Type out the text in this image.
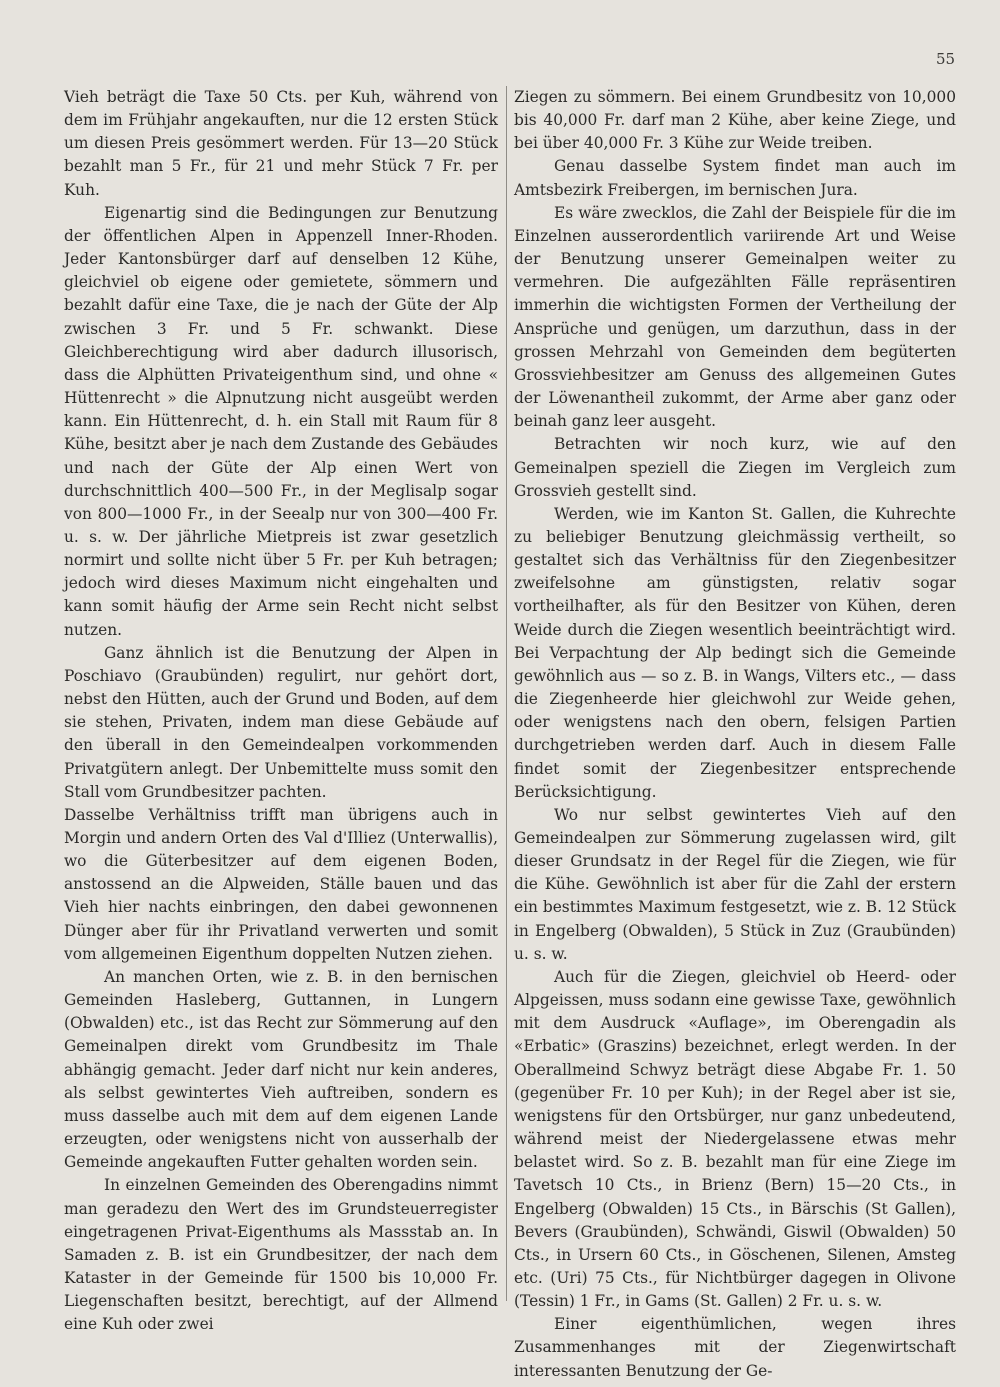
55

Vieh beträgt die Taxe 50 Cts. per Kuh, während von dem im Frühjahr angekauften, nur die 12 ersten Stück um diesen Preis gesömmert werden. Für 13—20 Stück bezahlt man 5 Fr., für 21 und mehr Stück 7 Fr. per Kuh.

Eigenartig sind die Bedingungen zur Benutzung der öffentlichen Alpen in Appenzell Inner-Rhoden. Jeder Kantonsbürger darf auf denselben 12 Kühe, gleichviel ob eigene oder gemietete, sömmern und bezahlt dafür eine Taxe, die je nach der Güte der Alp zwischen 3 Fr. und 5 Fr. schwankt. Diese Gleichberechtigung wird aber dadurch illusorisch, dass die Alphütten Privateigenthum sind, und ohne « Hüttenrecht » die Alpnutzung nicht ausgeübt werden kann. Ein Hüttenrecht, d. h. ein Stall mit Raum für 8 Kühe, besitzt aber je nach dem Zustande des Gebäudes und nach der Güte der Alp einen Wert von durchschnittlich 400—500 Fr., in der Meglisalp sogar von 800—1000 Fr., in der Seealp nur von 300—400 Fr. u. s. w. Der jährliche Mietpreis ist zwar gesetzlich normirt und sollte nicht über 5 Fr. per Kuh betragen; jedoch wird dieses Maximum nicht eingehalten und kann somit häufig der Arme sein Recht nicht selbst nutzen.

Ganz ähnlich ist die Benutzung der Alpen in Poschiavo (Graubünden) regulirt, nur gehört dort, nebst den Hütten, auch der Grund und Boden, auf dem sie stehen, Privaten, indem man diese Gebäude auf den überall in den Gemeindealpen vorkommenden Privatgütern anlegt. Der Unbemittelte muss somit den Stall vom Grundbesitzer pachten.

Dasselbe Verhältniss trifft man übrigens auch in Morgin und andern Orten des Val d'Illiez (Unterwallis), wo die Güterbesitzer auf dem eigenen Boden, anstossend an die Alpweiden, Ställe bauen und das Vieh hier nachts einbringen, den dabei gewonnenen Dünger aber für ihr Privatland verwerten und somit vom allgemeinen Eigenthum doppelten Nutzen ziehen.

An manchen Orten, wie z. B. in den bernischen Gemeinden Hasleberg, Guttannen, in Lungern (Obwalden) etc., ist das Recht zur Sömmerung auf den Gemeinalpen direkt vom Grundbesitz im Thale abhängig gemacht. Jeder darf nicht nur kein anderes, als selbst gewintertes Vieh auftreiben, sondern es muss dasselbe auch mit dem auf dem eigenen Lande erzeugten, oder wenigstens nicht von ausserhalb der Gemeinde angekauften Futter gehalten worden sein.

In einzelnen Gemeinden des Oberengadins nimmt man geradezu den Wert des im Grundsteuerregister eingetragenen Privat-Eigenthums als Massstab an. In Samaden z. B. ist ein Grundbesitzer, der nach dem Kataster in der Gemeinde für 1500 bis 10,000 Fr. Liegenschaften besitzt, berechtigt, auf der Allmend eine Kuh oder zwei

Ziegen zu sömmern. Bei einem Grundbesitz von 10,000 bis 40,000 Fr. darf man 2 Kühe, aber keine Ziege, und bei über 40,000 Fr. 3 Kühe zur Weide treiben.

Genau dasselbe System findet man auch im Amtsbezirk Freibergen, im bernischen Jura.

Es wäre zwecklos, die Zahl der Beispiele für die im Einzelnen ausserordentlich variirende Art und Weise der Benutzung unserer Gemeinalpen weiter zu vermehren. Die aufgezählten Fälle repräsentiren immerhin die wichtigsten Formen der Vertheilung der Ansprüche und genügen, um darzuthun, dass in der grossen Mehrzahl von Gemeinden dem begüterten Grossviehbesitzer am Genuss des allgemeinen Gutes der Löwenantheil zukommt, der Arme aber ganz oder beinah ganz leer ausgeht.

Betrachten wir noch kurz, wie auf den Gemeinalpen speziell die Ziegen im Vergleich zum Grossvieh gestellt sind.

Werden, wie im Kanton St. Gallen, die Kuhrechte zu beliebiger Benutzung gleichmässig vertheilt, so gestaltet sich das Verhältniss für den Ziegenbesitzer zweifelsohne am günstigsten, relativ sogar vortheilhafter, als für den Besitzer von Kühen, deren Weide durch die Ziegen wesentlich beeinträchtigt wird. Bei Verpachtung der Alp bedingt sich die Gemeinde gewöhnlich aus — so z. B. in Wangs, Vilters etc., — dass die Ziegenheerde hier gleichwohl zur Weide gehen, oder wenigstens nach den obern, felsigen Partien durchgetrieben werden darf. Auch in diesem Falle findet somit der Ziegenbesitzer entsprechende Berücksichtigung.

Wo nur selbst gewintertes Vieh auf den Gemeindealpen zur Sömmerung zugelassen wird, gilt dieser Grundsatz in der Regel für die Ziegen, wie für die Kühe. Gewöhnlich ist aber für die Zahl der erstern ein bestimmtes Maximum festgesetzt, wie z. B. 12 Stück in Engelberg (Obwalden), 5 Stück in Zuz (Graubünden) u. s. w.

Auch für die Ziegen, gleichviel ob Heerd- oder Alpgeissen, muss sodann eine gewisse Taxe, gewöhnlich mit dem Ausdruck «Auflage», im Oberengadin als «Erbatic» (Graszins) bezeichnet, erlegt werden. In der Oberallmeind Schwyz beträgt diese Abgabe Fr. 1. 50 (gegenüber Fr. 10 per Kuh); in der Regel aber ist sie, wenigstens für den Ortsbürger, nur ganz unbedeutend, während meist der Niedergelassene etwas mehr belastet wird. So z. B. bezahlt man für eine Ziege im Tavetsch 10 Cts., in Brienz (Bern) 15—20 Cts., in Engelberg (Obwalden) 15 Cts., in Bärschis (St Gallen), Bevers (Graubünden), Schwändi, Giswil (Obwalden) 50 Cts., in Ursern 60 Cts., in Göschenen, Silenen, Amsteg etc. (Uri) 75 Cts., für Nichtbürger dagegen in Olivone (Tessin) 1 Fr., in Gams (St. Gallen) 2 Fr. u. s. w.

Einer eigenthümlichen, wegen ihres Zusammenhanges mit der Ziegenwirtschaft interessanten Benutzung der Ge-
